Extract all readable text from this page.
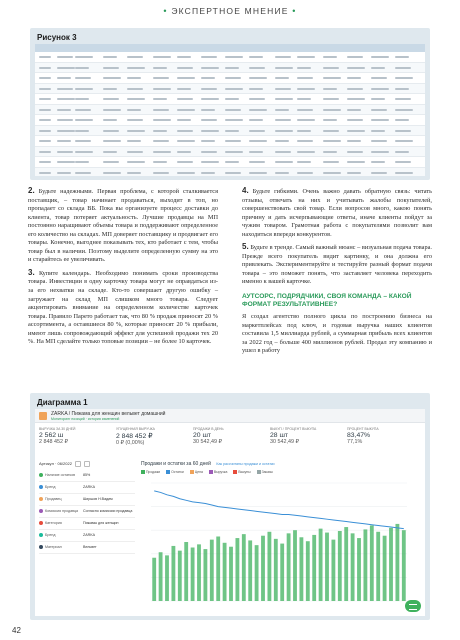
• ЭКСПЕРТНОЕ МНЕНИЕ •
Рисунок 3

2. Будьте надежными. Первая проблема, с которой сталкивается поставщик, – товар начинает продаваться, выходит в топ, но пропадает со склада ВБ. Пока вы организуете процесс доставки до клиента, товар потеряет актуальность. Лучшие продавцы на МП постоянно наращивают объемы товара и поддерживают определенное его количество на складах. МП доверяет поставщику и продвигает его товары. Конечно, выгоднее показывать тех, кто работает с тем, чтобы товар был в наличии. Поэтому выделите определенную сумму на это и старайтесь ее увеличивать.

3. Купите календарь. Необходимо понимать сроки производства товара. Инвестиции в одну карточку товара могут не оправдаться из-за его нехватки на складе. Кто-то совершает другую ошибку – загружает на склад МП слишком много товара. Следует акцентировать внимание на определенном количестве карточек товара. Правило Парето работает так, что 80 % продаж приносят 20 % ассортимента, а оставшиеся 80 %, которые приносят 20 % прибыли, имеют лишь сопровождающий эффект для успешной продажи тех 20 %. На МП сделайте только топовые позиции – не более 10 карточек.

4. Будьте гибкими. Очень важно давать обратную связь: читать отзывы, отвечать на них и учитывать жалобы покупателей, совершенствовать свой товар. Если вопросов много, какою понять причину и дать исчерпывающие ответы, иначе клиенты пойдут за чужим товаром. Грамотная работа с покупателями позволит вам находиться впереди конкурентов.

5. Будьте в тренде. Самый важный нюанс – визуальная подача товара. Прежде всего покупатель видит картинку, и она должна его привлекать. Экспериментируйте и тестируйте разный формат подачи товара – это поможет понять, что заставляет человека переходить именно к вашей карточке.

АУТСОРС, ПОДРЯДЧИКИ, СВОЯ КОМАНДА – КАКОЙ ФОРМАТ РЕЗУЛЬТАТИВНЕЕ?

Я создал агентство полного цикла по построению бизнеса на маркетплейсах под ключ, и годовая выручка наших клиентов составила 1,5 миллиарда рублей, а суммарная прибыль всех клиентов за 2022 год – больше 400 миллионов рублей. Продал эту компанию и ушел в работу

Диаграмма 1
ZARKA / Пижама для женщин вельвет домашний
Мониторинг позиций · история изменений
ВЫРУЧКА ЗА 30 ДНЕЙ
2 562 ш
2 848 452 ₽
УПУЩЕННАЯ ВЫРУЧКА
2 848 452 ₽
0 ₽ (0,00%)
ПРОДАЖИ В ДЕНЬ
20 шт
30 542,49 ₽
ВЫКУП / ПРОЦЕНТ ВЫКУПА
28 шт
30 542,49 ₽
ПРОЦЕНТ ВЫКУПА
83,47%
77,1%
Артикул · 06/2022
Наличие остатков 85%
Бренд	ZARKA
Продавец	Ширшов Н.Вадим
Комиссия продавца Согласно комиссии продавца
Категория	Пижамы для женщин
Бренд	ZARKA
Материал	Вельвет
Продажи и остатки за 60 дней Как рассчитаны продажи и остатки
Продажи	Остатки	Цена	Выручка	Выкупы	Заказы
42
